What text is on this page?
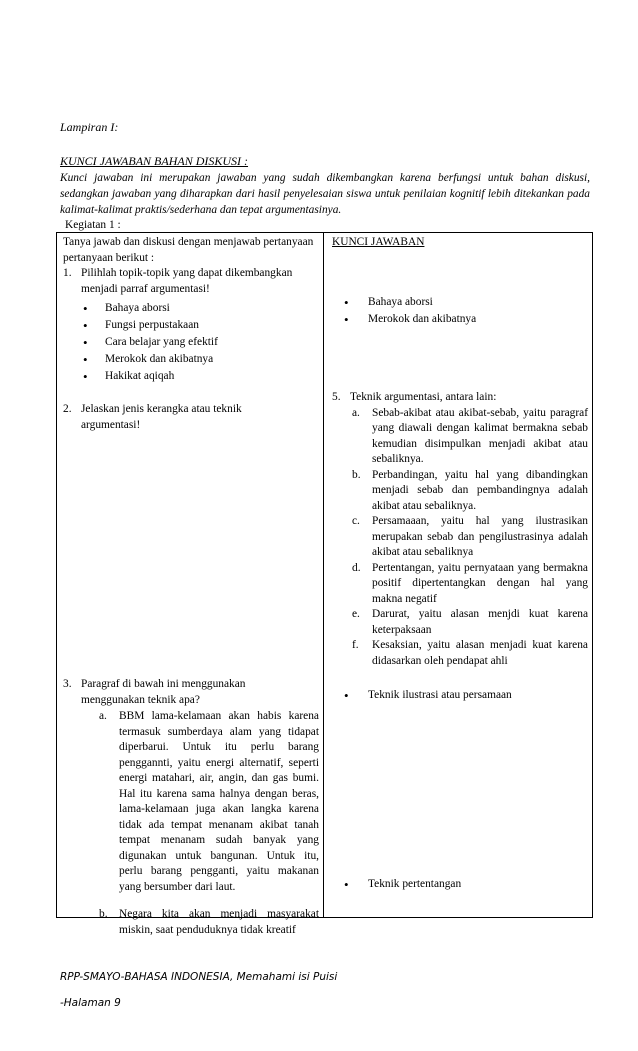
Lampiran I:
KUNCI JAWABAN BAHAN DISKUSI :

Kunci jawaban ini merupakan jawaban yang sudah dikembangkan karena berfungsi untuk bahan diskusi, sedangkan jawaban yang diharapkan dari hasil penyelesaian siswa untuk penilaian kognitif lebih ditekankan pada kalimat-kalimat praktis/sederhana dan tepat argumentasinya.

Kegiatan 1 :
Tanya jawab dan diskusi dengan menjawab pertanyaan pertanyaan berikut :
1. Pilihlah topik-topik yang dapat dikembangkan menjadi parraf argumentasi!
• Bahaya aborsi
• Fungsi perpustakaan
• Cara belajar yang efektif
• Merokok dan akibatnya
• Hakikat aqiqah
2. Jelaskan jenis kerangka atau teknik argumentasi!
3. Paragraf di bawah ini menggunakan menggunakan teknik apa?
a. BBM lama-kelamaan akan habis karena termasuk sumberdaya alam yang tidapat diperbarui. Untuk itu perlu barang penggannti, yaitu energi alternatif, seperti energi matahari, air, angin, dan gas bumi. Hal itu karena sama halnya dengan beras, lama-kelamaan juga akan langka karena tidak ada tempat menanam akibat tanah tempat menanam sudah banyak yang digunakan untuk bangunan. Untuk itu, perlu barang pengganti, yaitu makanan yang bersumber dari laut.
b. Negara kita akan menjadi masyarakat miskin, saat penduduknya tidak kreatif
KUNCI JAWABAN
• Bahaya aborsi
• Merokok dan akibatnya
5. Teknik argumentasi, antara lain:
a. Sebab-akibat atau akibat-sebab, yaitu paragraf yang diawali dengan kalimat bermakna sebab kemudian disimpulkan menjadi akibat atau sebaliknya.
b. Perbandingan, yaitu hal yang dibandingkan menjadi sebab dan pembandingnya adalah akibat atau sebaliknya.
c. Persamaaan, yaitu hal yang ilustrasikan merupakan sebab dan pengilustrasinya adalah akibat atau sebaliknya
d. Pertentangan, yaitu pernyataan yang bermakna positif dipertentangkan dengan hal yang makna negatif
e. Darurat, yaitu alasan menjdi kuat karena keterpaksaan
f. Kesaksian, yaitu alasan menjadi kuat karena didasarkan oleh pendapat ahli
• Teknik ilustrasi atau persamaan
• Teknik pertentangan
RPP-SMAYO-BAHASA INDONESIA, Memahami isi Puisi
-Halaman 9
